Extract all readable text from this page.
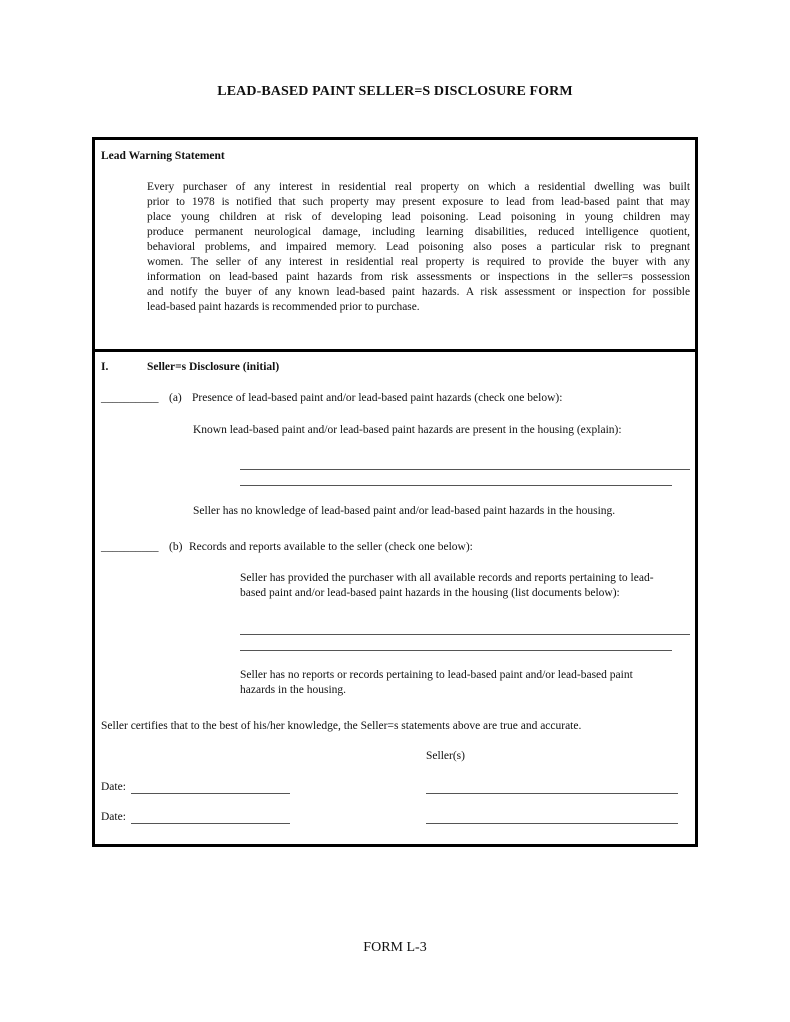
LEAD-BASED PAINT SELLER=S DISCLOSURE FORM
Lead Warning Statement
Every purchaser of any interest in residential real property on which a residential dwelling was built
prior to 1978 is notified that such property may present exposure to lead from lead-based paint that may
place young children at risk of developing lead poisoning. Lead poisoning in young children may
produce permanent neurological damage, including learning disabilities, reduced intelligence quotient,
behavioral problems, and impaired memory. Lead poisoning also poses a particular risk to pregnant
women. The seller of any interest in residential real property is required to provide the buyer with any
information on lead-based paint hazards from risk assessments or inspections in the seller=s possession
and notify the buyer of any known lead-based paint hazards. A risk assessment or inspection for possible
lead-based paint hazards is recommended prior to purchase.
I.	Seller=s Disclosure (initial)
__________ (a) Presence of lead-based paint and/or lead-based paint hazards (check one below):
Known lead-based paint and/or lead-based paint hazards are present in the housing (explain):
Seller has no knowledge of lead-based paint and/or lead-based paint hazards in the housing.
__________ (b) Records and reports available to the seller (check one below):
Seller has provided the purchaser with all available records and reports pertaining to lead-
based paint and/or lead-based paint hazards in the housing (list documents below):
Seller has no reports or records pertaining to lead-based paint and/or lead-based paint
hazards in the housing.
Seller certifies that to the best of his/her knowledge, the Seller=s statements above are true and accurate.
Seller(s)
Date:
Date:
FORM L-3
